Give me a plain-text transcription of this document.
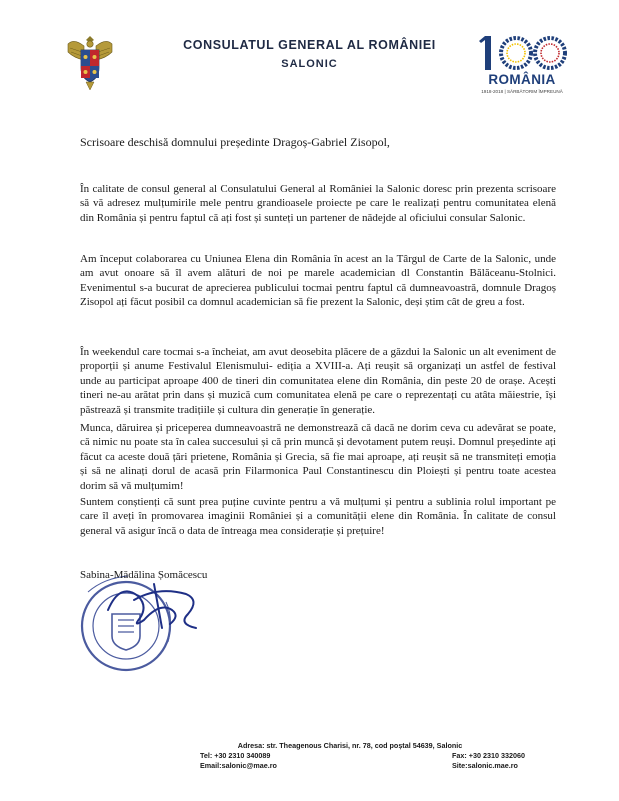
CONSULATUL GENERAL AL ROMÂNIEI
SALONIC
ROMÂNIA
1918-2018 | SĂRBĂTORIM ÎMPREUNĂ
Scrisoare deschisă domnului președinte Dragoș-Gabriel Zisopol,

În calitate de consul general al Consulatului General al României la Salonic doresc prin prezenta scrisoare să vă adresez mulțumirile mele pentru grandioasele proiecte pe care le realizați pentru comunitatea elenă din România și pentru faptul că ați fost și sunteți un partener de nădejde al oficiului consular Salonic.

Am început colaborarea cu Uniunea Elena din România în acest an la Târgul de Carte de la Salonic, unde am avut onoare să îl avem alături de noi pe marele academician dl Constantin Bălăceanu-Stolnici. Evenimentul s-a bucurat de aprecierea publicului tocmai pentru faptul că dumneavoastră, domnule Dragoș Zisopol ați făcut posibil ca domnul academician să fie prezent la Salonic, deși știm cât de greu a fost.

În weekendul care tocmai s-a încheiat, am avut deosebita plăcere de a găzdui la Salonic un alt eveniment de proporții și anume Festivalul Elenismului- ediția a XVIII-a. Ați reușit să organizați un astfel de festival unde au participat aproape 400 de tineri din comunitatea elene din România, din peste 20 de orașe. Acești tineri ne-au arătat prin dans și muzică cum comunitatea elenă pe care o reprezentați cu atâta măiestrie, își păstrează și transmite tradițiile și cultura din generație în generație.

Munca, dăruirea și priceperea dumneavoastră ne demonstrează că dacă ne dorim ceva cu adevărat se poate, că nimic nu poate sta în calea succesului și că prin muncă și devotament putem reuși. Domnul președinte ați făcut ca aceste două țări prietene, România și Grecia, să fie mai aproape, ați reușit să ne transmiteți emoția și să ne alinați dorul de acasă prin Filarmonica Paul Constantinescu din Ploiești și pentru toate acestea dorim să vă mulțumim!

Suntem conștienți că sunt prea puține cuvinte pentru a vă mulțumi și pentru a sublinia rolul important pe care îl aveți în promovarea imaginii României și a comunității elene din România. În calitate de consul general vă asigur încă o data de întreaga mea considerație și prețuire!

Sabina-Mădălina Șomăcescu
Adresa: str. Theagenous Charisi, nr. 78, cod poștal 54639, Salonic
Tel: +30 2310 340089	Fax: +30 2310 332060
Email:salonic@mae.ro	Site:salonic.mae.ro
